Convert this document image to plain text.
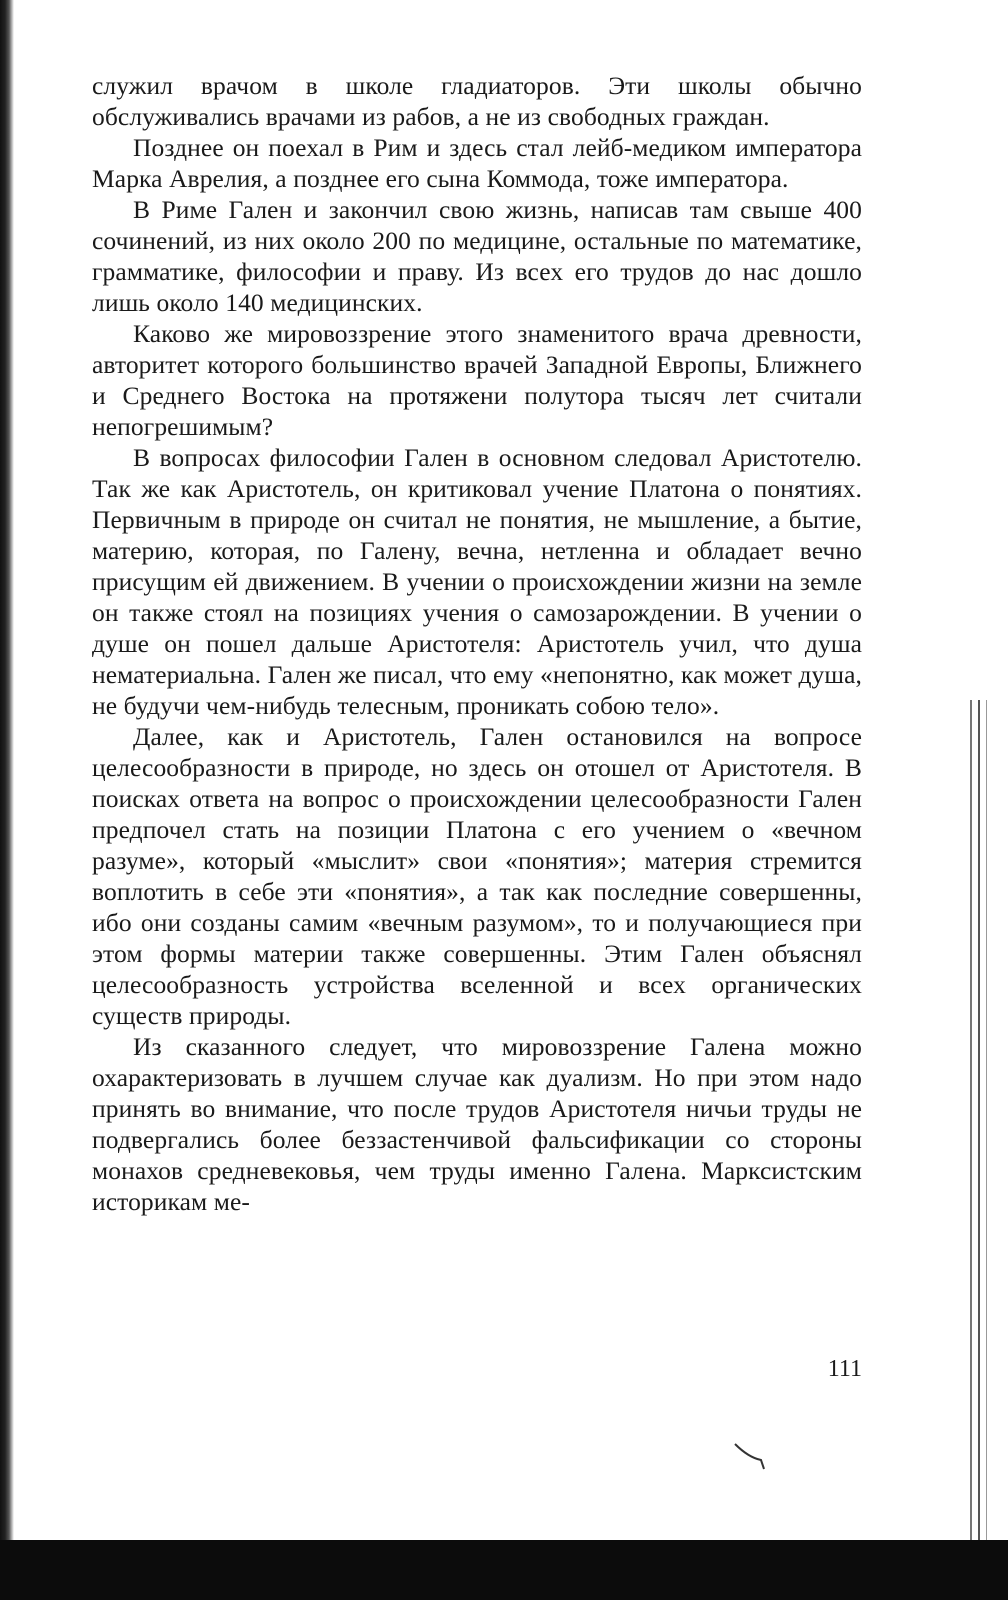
служил врачом в школе гладиаторов. Эти школы обычно обслуживались врачами из рабов, а не из свободных граждан.

Позднее он поехал в Рим и здесь стал лейб-медиком императора Марка Аврелия, а позднее его сына Коммода, тоже императора.

В Риме Гален и закончил свою жизнь, написав там свыше 400 сочинений, из них около 200 по медицине, остальные по математике, грамматике, философии и праву. Из всех его трудов до нас дошло лишь около 140 медицинских.

Каково же мировоззрение этого знаменитого врача древности, авторитет которого большинство врачей Западной Европы, Ближнего и Среднего Востока на протяжени полутора тысяч лет считали непогрешимым?

В вопросах философии Гален в основном следовал Аристотелю. Так же как Аристотель, он критиковал учение Платона о понятиях. Первичным в природе он считал не понятия, не мышление, а бытие, материю, которая, по Галену, вечна, нетленна и обладает вечно присущим ей движением. В учении о происхождении жизни на земле он также стоял на позициях учения о самозарождении. В учении о душе он пошел дальше Аристотеля: Аристотель учил, что душа нематериальна. Гален же писал, что ему «непонятно, как может душа, не будучи чем-нибудь телесным, проникать собою тело».

Далее, как и Аристотель, Гален остановился на вопросе целесообразности в природе, но здесь он отошел от Аристотеля. В поисках ответа на вопрос о происхождении целесообразности Гален предпочел стать на позиции Платона с его учением о «вечном разуме», который «мыслит» свои «понятия»; материя стремится воплотить в себе эти «понятия», а так как последние совершенны, ибо они созданы самим «вечным разумом», то и получающиеся при этом формы материи также совершенны. Этим Гален объяснял целесообразность устройства вселенной и всех органических существ природы.

Из сказанного следует, что мировоззрение Галена можно охарактеризовать в лучшем случае как дуализм. Но при этом надо принять во внимание, что после трудов Аристотеля ничьи труды не подвергались более беззастенчивой фальсификации со стороны монахов средневековья, чем труды именно Галена. Марксистским историкам ме-

111
